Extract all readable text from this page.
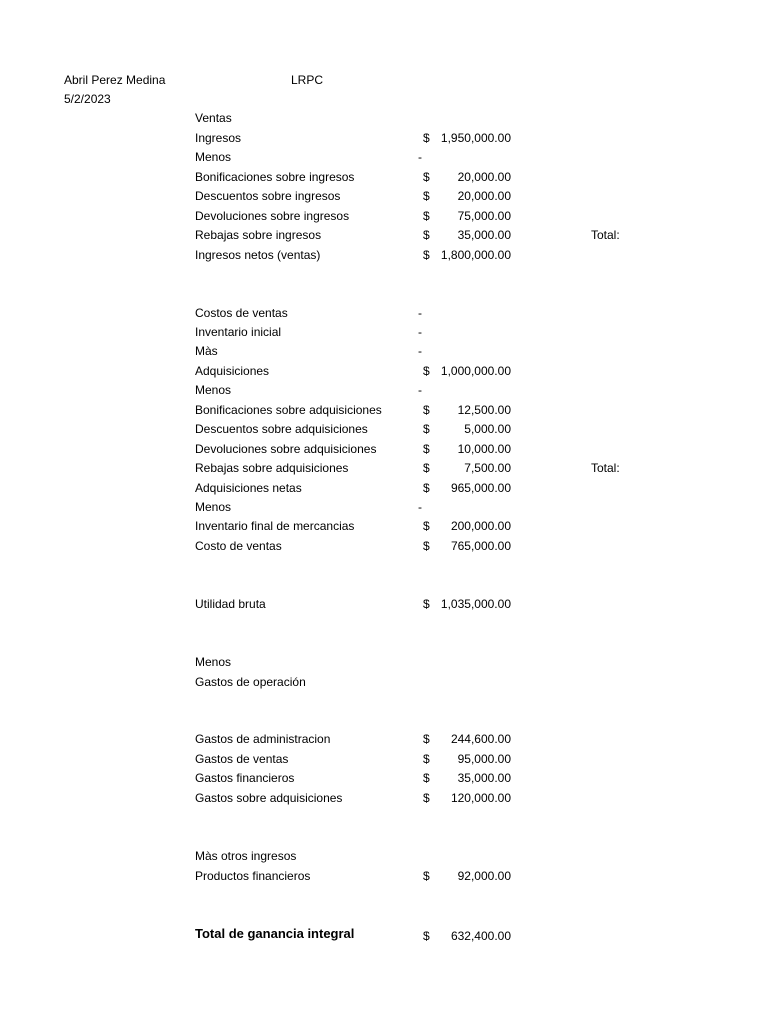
Abril Perez Medina	LRPC
5/2/2023
Ventas
Ingresos	$ 1,950,000.00
Menos	-
Bonificaciones sobre ingresos	$	20,000.00
Descuentos sobre ingresos	$	20,000.00
Devoluciones sobre ingresos	$	75,000.00
Rebajas sobre ingresos	$	35,000.00	Total:
Ingresos netos (ventas)	$ 1,800,000.00
Costos de ventas	-
Inventario inicial	-
Màs	-
Adquisiciones	$ 1,000,000.00
Menos	-
Bonificaciones sobre adquisiciones	$	12,500.00
Descuentos sobre adquisiciones	$	5,000.00
Devoluciones sobre adquisiciones	$	10,000.00
Rebajas sobre adquisiciones	$	7,500.00	Total:
Adquisiciones netas	$	965,000.00
Menos	-
Inventario final de mercancias	$	200,000.00
Costo de ventas	$	765,000.00
Utilidad bruta	$ 1,035,000.00
Menos
Gastos de operación
Gastos de administracion	$	244,600.00
Gastos de ventas	$	95,000.00
Gastos financieros	$	35,000.00
Gastos sobre adquisiciones	$	120,000.00
Màs otros ingresos
Productos financieros	$	92,000.00
Total de ganancia integral	$	632,400.00
